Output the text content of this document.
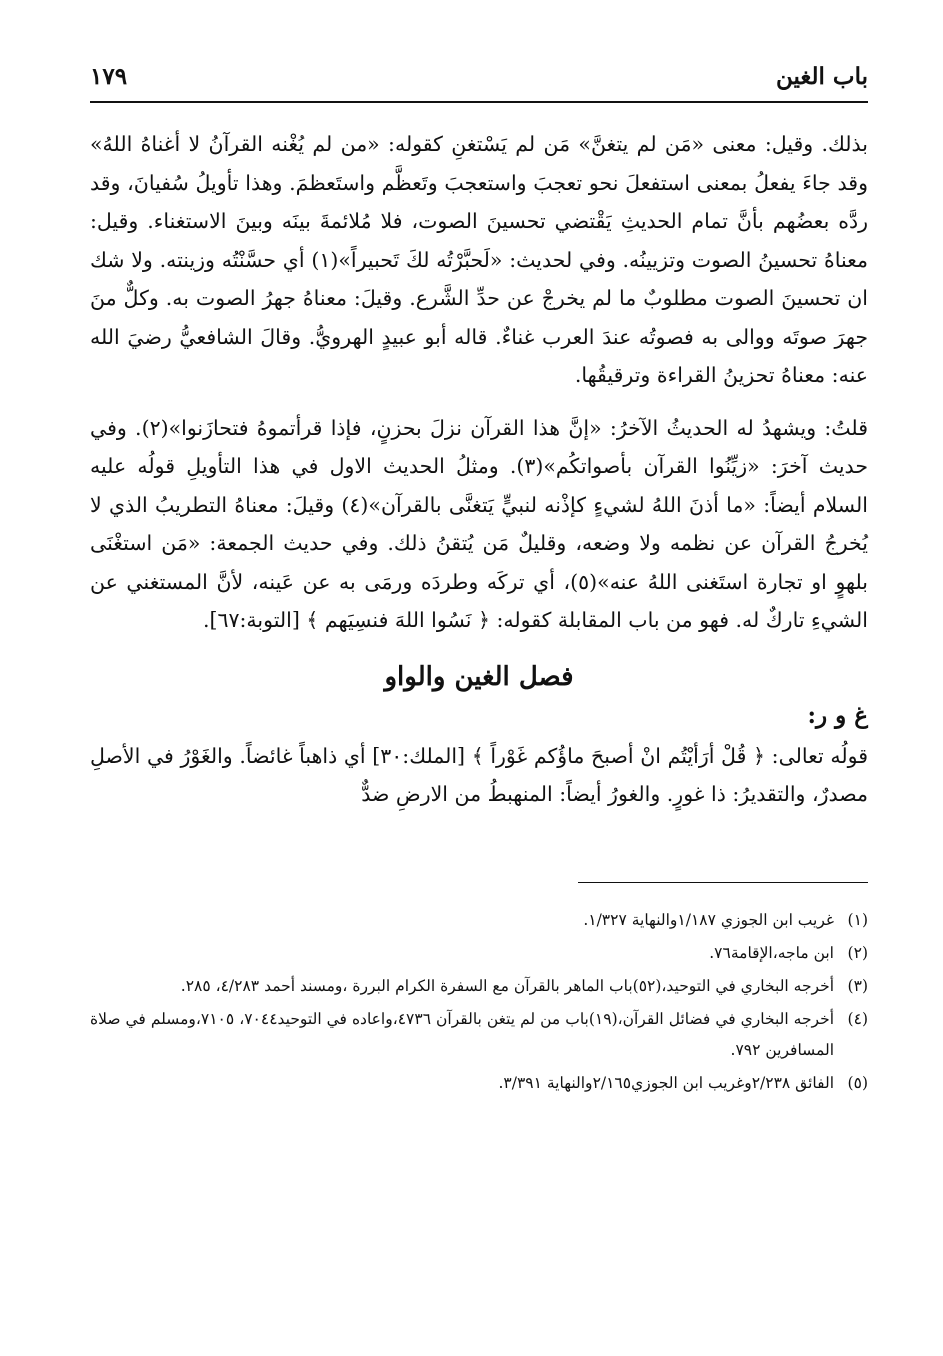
باب الغين
١٧٩

بذلك. وقيل: معنى «مَن لم يتغنَّ» مَن لم يَسْتغنِ كقوله: «من لم يُغْنه القرآنُ لا أغناهُ اللهُ» وقد جاءَ يفعلُ بمعنى استفعلَ نحو تعجبَ واستعجبَ وتَعظَّم واستَعظمَ. وهذا تأويلُ سُفيانَ، وقد ردَّه بعضُهم بأنَّ تمام الحديثِ يَقْتضي تحسينَ الصوت، فلا مُلائمةَ بينَه وبينَ الاستغناء. وقيل: معناهُ تحسينُ الصوت وتزيينُه. وفي لحديث: «لَحبَّرْتُه لكَ تَحبيراً»(١) أي حسَّنْتُه وزينته. ولا شك ان تحسينَ الصوت مطلوبٌ ما لم يخرجْ عن حدِّ الشَّرع. وقيلَ: معناهُ جهرُ الصوت به. وكلٌّ منَ جهرَ صوتَه ووالى به فصوتُه عندَ العرب غناءٌ. قاله أبو عبيدٍ الهرويُّ. وقالَ الشافعيُّ رضيَ الله عنه: معناهُ تحزينُ القراءة وترقيقُها.

قلتُ: ويشهدُ له الحديثُ الآخرُ: «إنَّ هذا القرآن نزلَ بحزنٍ، فإذا قرأتموهُ فتحازَنوا»(٢). وفي حديث آخرَ: «زيِّنُوا القرآن بأصواتكُم»(٣). ومثلُ الحديث الاول في هذا التأويلِ قولُه عليه السلام أيضاً: «ما أذنَ اللهُ لشيءٍ كإذْنه لنبيٍّ يَتغنَّى بالقرآن»(٤) وقيلَ: معناهُ التطريبُ الذي لا يُخرجُ القرآن عن نظمه ولا وضعه، وقليلٌ مَن يُتقنُ ذلك. وفي حديث الجمعة: «مَن استغْنَى بلهوٍ او تجارة استَغنى اللهُ عنه»(٥)، أي تركَه وطردَه ورمَى به عن عَينه، لأنَّ المستغني عن الشيءِ تاركٌ له. فهو من باب المقابلة كقوله: ﴿ نَسُوا اللهَ فنسِيَهم ﴾ [التوبة:٦٧].

فصل الغين والواو
غ و ر:

قولُه تعالى: ﴿ قُلْ أرَأيْتُم انْ أصبحَ ماؤُكم غَوْراً ﴾ [الملك:٣٠] أي ذاهباً غائضاً. والغَوْرُ في الأصلِ مصدرٌ، والتقديرُ: ذا غورٍ. والغورُ أيضاً: المنهبطُ من الارضِ ضدٌّ

(١)
غريب ابن الجوزي ١/١٨٧والنهاية ١/٣٢٧.
(٢)
ابن ماجه،الإقامة٧٦.
(٣)
أخرجه البخاري في التوحيد،(٥٢)باب الماهر بالقرآن مع السفرة الكرام البررة ،ومسند أحمد ٤/٢٨٣، ٢٨٥.
(٤)
أخرجه البخاري في فضائل القرآن،(١٩)باب من لم يتغن بالقرآن ٤٧٣٦،واعاده في التوحيد٧٠٤٤، ٧١٠٥،ومسلم في صلاة المسافرين ٧٩٢.
(٥)
الفائق ٢/٢٣٨وغريب ابن الجوزي٢/١٦٥والنهاية ٣/٣٩١.
